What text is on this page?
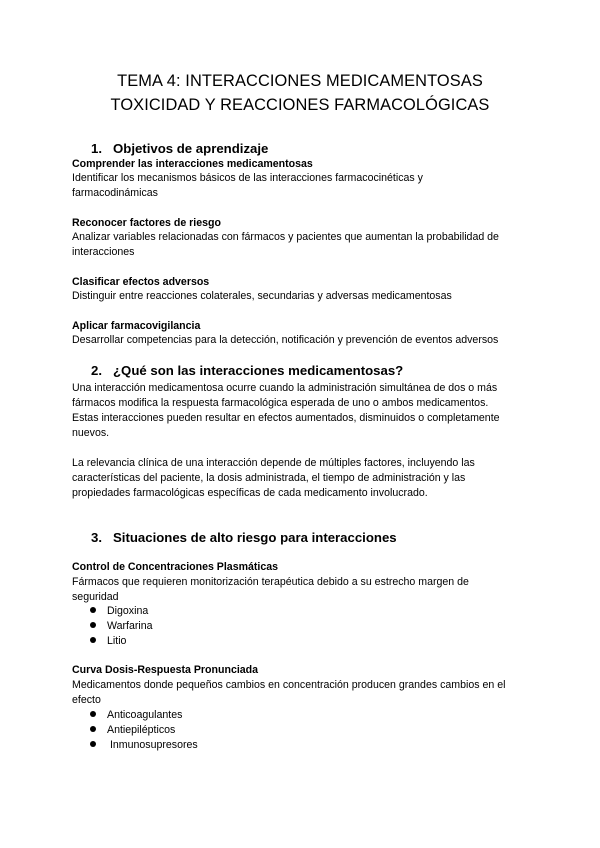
TEMA 4: INTERACCIONES MEDICAMENTOSAS
TOXICIDAD Y REACCIONES FARMACOLÓGICAS
1. Objetivos de aprendizaje
Comprender las interacciones medicamentosas
Identificar los mecanismos básicos de las interacciones farmacocinéticas y
farmacodinámicas
Reconocer factores de riesgo
Analizar variables relacionadas con fármacos y pacientes que aumentan la probabilidad de
interacciones
Clasificar efectos adversos
Distinguir entre reacciones colaterales, secundarias y adversas medicamentosas
Aplicar farmacovigilancia
Desarrollar competencias para la detección, notificación y prevención de eventos adversos
2. ¿Qué son las interacciones medicamentosas?
Una interacción medicamentosa ocurre cuando la administración simultánea de dos o más
fármacos modifica la respuesta farmacológica esperada de uno o ambos medicamentos.
Estas interacciones pueden resultar en efectos aumentados, disminuidos o completamente
nuevos.
La relevancia clínica de una interacción depende de múltiples factores, incluyendo las
características del paciente, la dosis administrada, el tiempo de administración y las
propiedades farmacológicas específicas de cada medicamento involucrado.
3. Situaciones de alto riesgo para interacciones
Control de Concentraciones Plasmáticas
Fármacos que requieren monitorización terapéutica debido a su estrecho margen de
seguridad
Digoxina
Warfarina
Litio
Curva Dosis-Respuesta Pronunciada
Medicamentos donde pequeños cambios en concentración producen grandes cambios en el
efecto
Anticoagulantes
Antiepilépticos
Inmunosupresores
